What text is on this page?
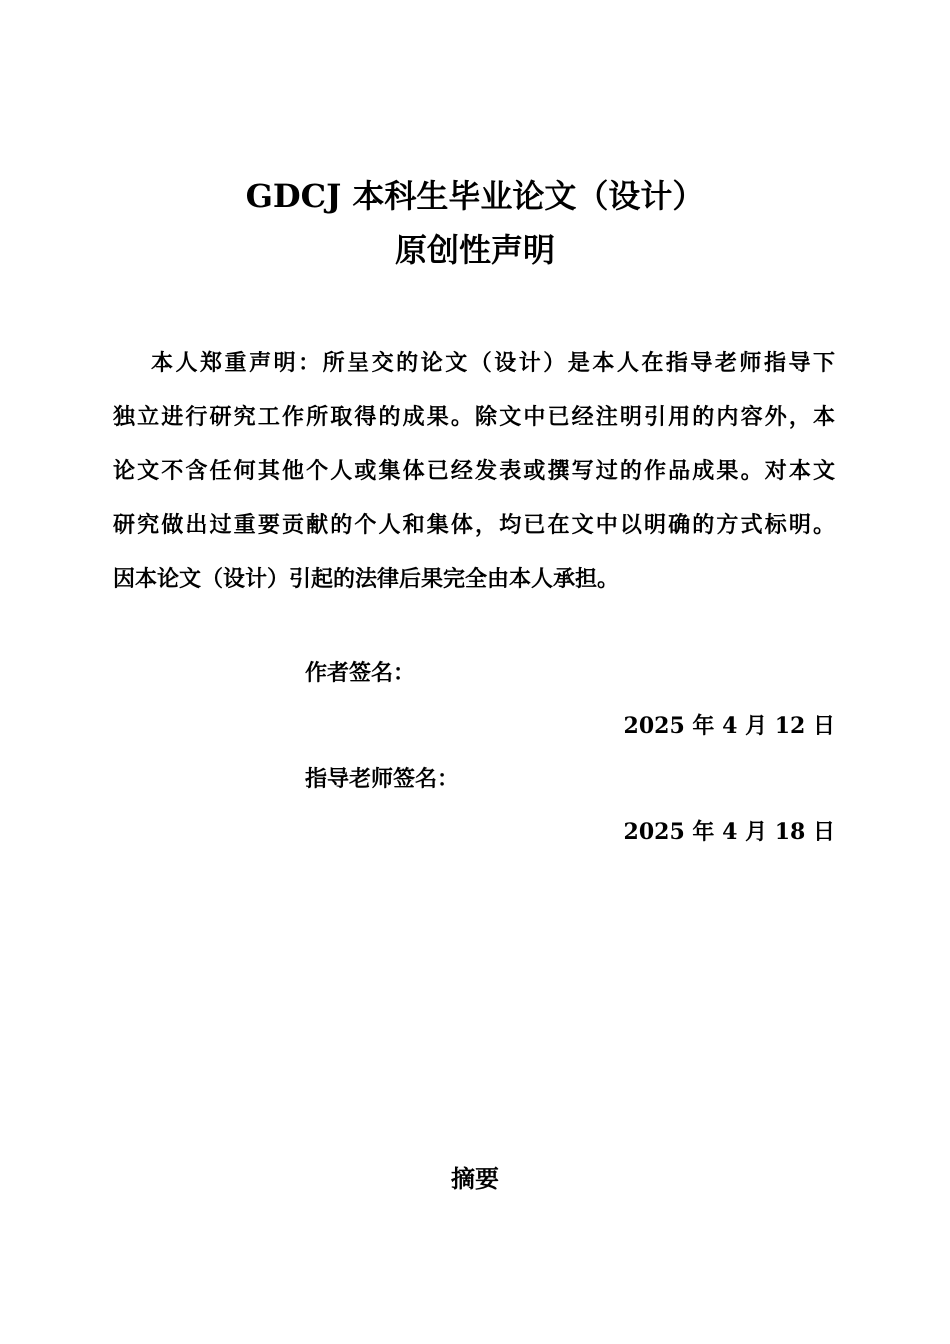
GDCJ 本科生毕业论文（设计）
原创性声明
本人郑重声明：所呈交的论文（设计）是本人在指导老师指导下
独立进行研究工作所取得的成果。除文中已经注明引用的内容外，本
论文不含任何其他个人或集体已经发表或撰写过的作品成果。对本文
研究做出过重要贡献的个人和集体，均已在文中以明确的方式标明。
因本论文（设计）引起的法律后果完全由本人承担。
作者签名：
2025 年 4 月 12 日
指导老师签名：
2025 年 4 月 18 日
摘要
